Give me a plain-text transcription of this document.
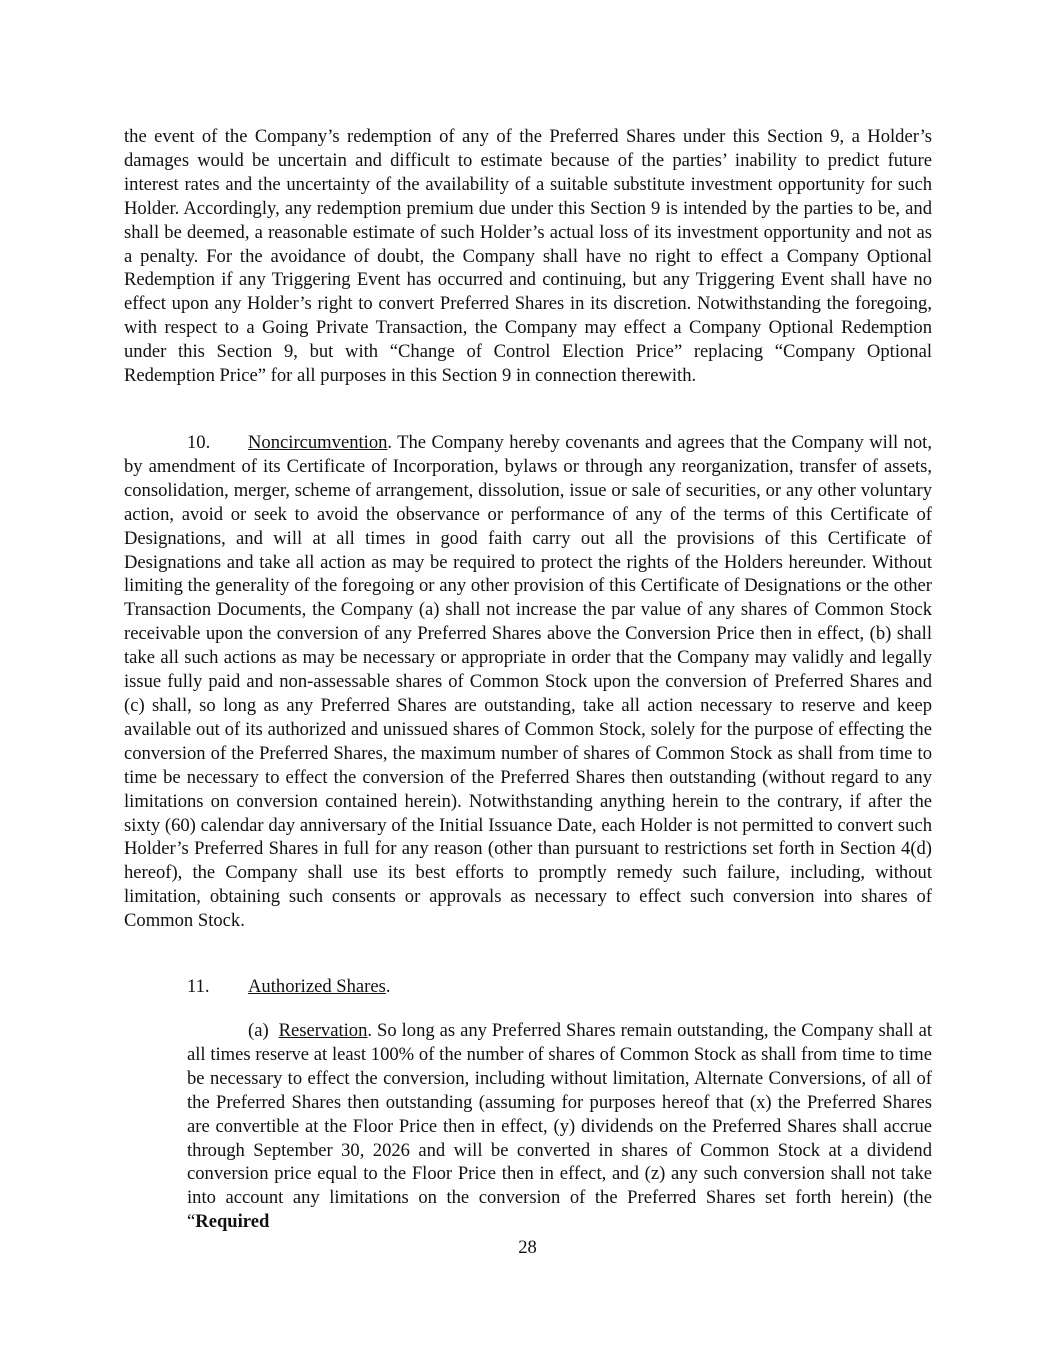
the event of the Company’s redemption of any of the Preferred Shares under this Section 9, a Holder’s damages would be uncertain and difficult to estimate because of the parties’ inability to predict future interest rates and the uncertainty of the availability of a suitable substitute investment opportunity for such Holder. Accordingly, any redemption premium due under this Section 9 is intended by the parties to be, and shall be deemed, a reasonable estimate of such Holder’s actual loss of its investment opportunity and not as a penalty. For the avoidance of doubt, the Company shall have no right to effect a Company Optional Redemption if any Triggering Event has occurred and continuing, but any Triggering Event shall have no effect upon any Holder’s right to convert Preferred Shares in its discretion. Notwithstanding the foregoing, with respect to a Going Private Transaction, the Company may effect a Company Optional Redemption under this Section 9, but with “Change of Control Election Price” replacing “Company Optional Redemption Price” for all purposes in this Section 9 in connection therewith.

10. Noncircumvention. The Company hereby covenants and agrees that the Company will not, by amendment of its Certificate of Incorporation, bylaws or through any reorganization, transfer of assets, consolidation, merger, scheme of arrangement, dissolution, issue or sale of securities, or any other voluntary action, avoid or seek to avoid the observance or performance of any of the terms of this Certificate of Designations, and will at all times in good faith carry out all the provisions of this Certificate of Designations and take all action as may be required to protect the rights of the Holders hereunder. Without limiting the generality of the foregoing or any other provision of this Certificate of Designations or the other Transaction Documents, the Company (a) shall not increase the par value of any shares of Common Stock receivable upon the conversion of any Preferred Shares above the Conversion Price then in effect, (b) shall take all such actions as may be necessary or appropriate in order that the Company may validly and legally issue fully paid and non-assessable shares of Common Stock upon the conversion of Preferred Shares and (c) shall, so long as any Preferred Shares are outstanding, take all action necessary to reserve and keep available out of its authorized and unissued shares of Common Stock, solely for the purpose of effecting the conversion of the Preferred Shares, the maximum number of shares of Common Stock as shall from time to time be necessary to effect the conversion of the Preferred Shares then outstanding (without regard to any limitations on conversion contained herein). Notwithstanding anything herein to the contrary, if after the sixty (60) calendar day anniversary of the Initial Issuance Date, each Holder is not permitted to convert such Holder’s Preferred Shares in full for any reason (other than pursuant to restrictions set forth in Section 4(d) hereof), the Company shall use its best efforts to promptly remedy such failure, including, without limitation, obtaining such consents or approvals as necessary to effect such conversion into shares of Common Stock.

11. Authorized Shares.

(a) Reservation. So long as any Preferred Shares remain outstanding, the Company shall at all times reserve at least 100% of the number of shares of Common Stock as shall from time to time be necessary to effect the conversion, including without limitation, Alternate Conversions, of all of the Preferred Shares then outstanding (assuming for purposes hereof that (x) the Preferred Shares are convertible at the Floor Price then in effect, (y) dividends on the Preferred Shares shall accrue through September 30, 2026 and will be converted in shares of Common Stock at a dividend conversion price equal to the Floor Price then in effect, and (z) any such conversion shall not take into account any limitations on the conversion of the Preferred Shares set forth herein) (the “Required

28
